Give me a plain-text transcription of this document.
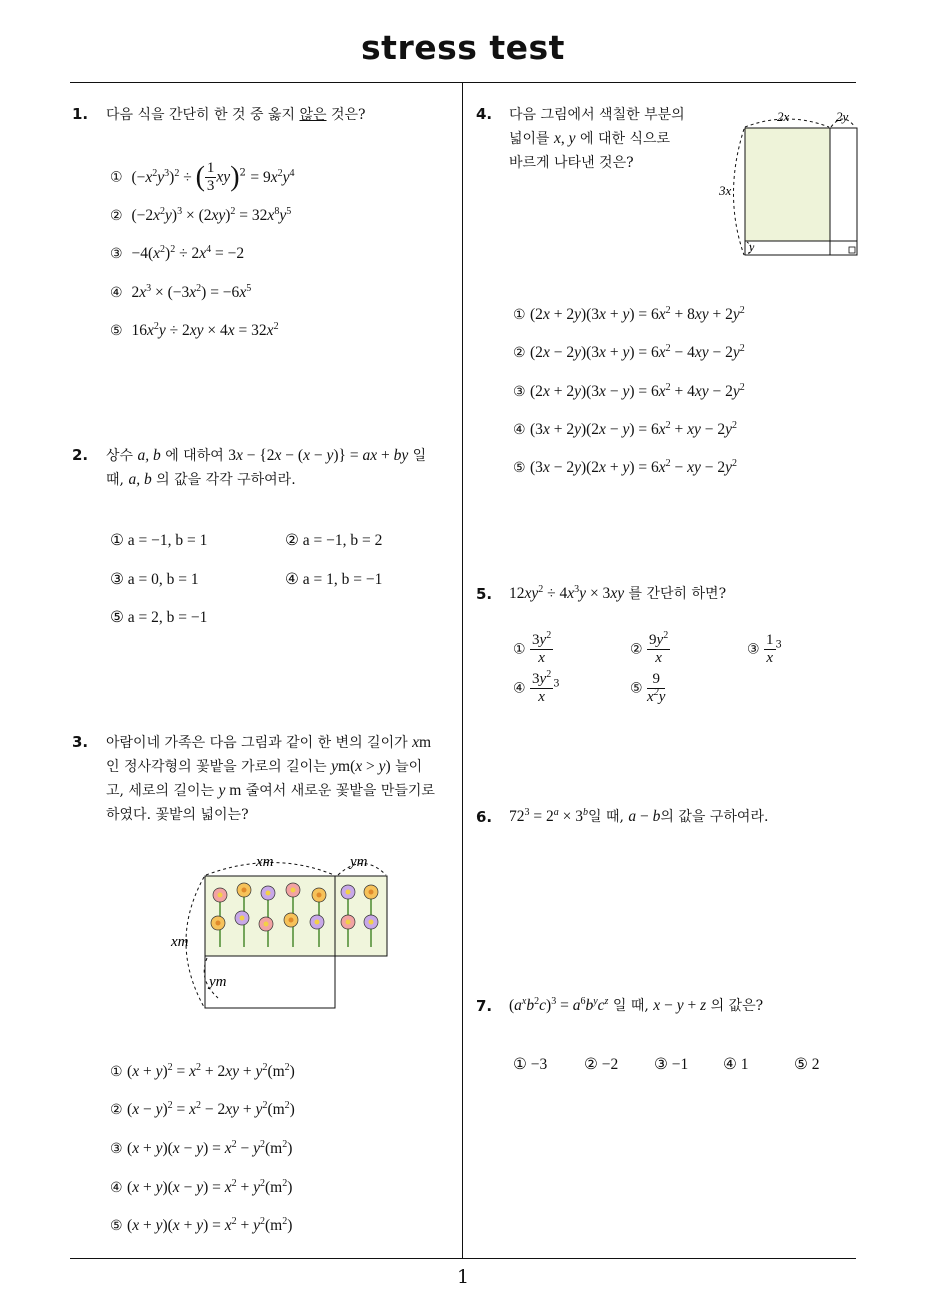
stress test
1
1. 다음 식을 간단히 한 것 중 옳지 않은 것은?
① $(-x^2y^3)^2$ ÷ ( $\frac{1}{3} xy)^2 = 9x^2y^4$
② $(-2x^2y)^3 \times (2xy)^2 = 32x^8y^5$
③ $-4(x^2)^2 \div 2x^4 = -2$
④ $2x^3 \times (-3x^2) = -6x^5$
⑤ $16x^2y \div 2xy \times 4x = 32x^2$
2. 상수 a, b 에 대하여 3x − {2x − (x − y)} = ax + by 일
때, a, b 의 값을 각각 구하여라.
① a = −1, b = 1	② a = −1, b = 2
③ a = 0, b = 1	④ a = 1, b = −1
⑤ a = 2, b = −1
3. 아람이네 가족은 다음 그림과 같이 한 변의 길이가 xm
인 정사각형의 꽃밭을 가로의 길이는 ym(x > y) 늘이
고, 세로의 길이는 y m 줄여서 새로운 꽃밭을 만들기로
하였다. 꽃밭의 넓이는?
xm	ym
xm
ym
① $(x + y)^2 = x^2 + 2xy + y^2(m^2)$
② $(x - y)^2 = x^2 - 2xy + y^2(m^2)$
③ $(x + y)(x - y) = x^2 - y^2(m^2)$
④ $(x + y)(x - y) = x^2 + y^2(m^2)$
⑤ $(x + y)(x + y) = x^2 + y^2(m^2)$
4. 다음 그림에서 색칠한 부분의
넓이를 x, y 에 대한 식으로
바르게 나타낸 것은?
2x	2y
3x
y
① $(2x + 2y)(3x + y) = 6x^2 + 8xy + 2y^2$
② $(2x - 2y)(3x + y) = 6x^2 - 4xy - 2y^2$
③ $(2x + 2y)(3x - y) = 6x^2 + 4xy - 2y^2$
④ $(3x + 2y)(2x - y) = 6x^2$ + xy − $2y^2$
⑤ $(3x - 2y)(2x + y) = 6x^2$ − xy − $2y^2$
5. $12xy^2 \div 4x^3y \times 3xy$ 를 간단히 하면?
① $\frac{3y^2}{x}$	② $\frac{9y^2}{x}$	③ $\frac{1}{x} ^3$
④ $\frac{3y^2}{x} ^3$	⑤ $\frac{9}{x^2y}$
6. $72^3 = 2^a \times 3^b$일 때, a − b의 값을 구하여라.
7. $(a^xb^2c)^3 = a^6b^yc^z$ 일 때, x − y + z 의 값은?
① −3 ② −2 ③ −1 ④ 1	⑤ 2
